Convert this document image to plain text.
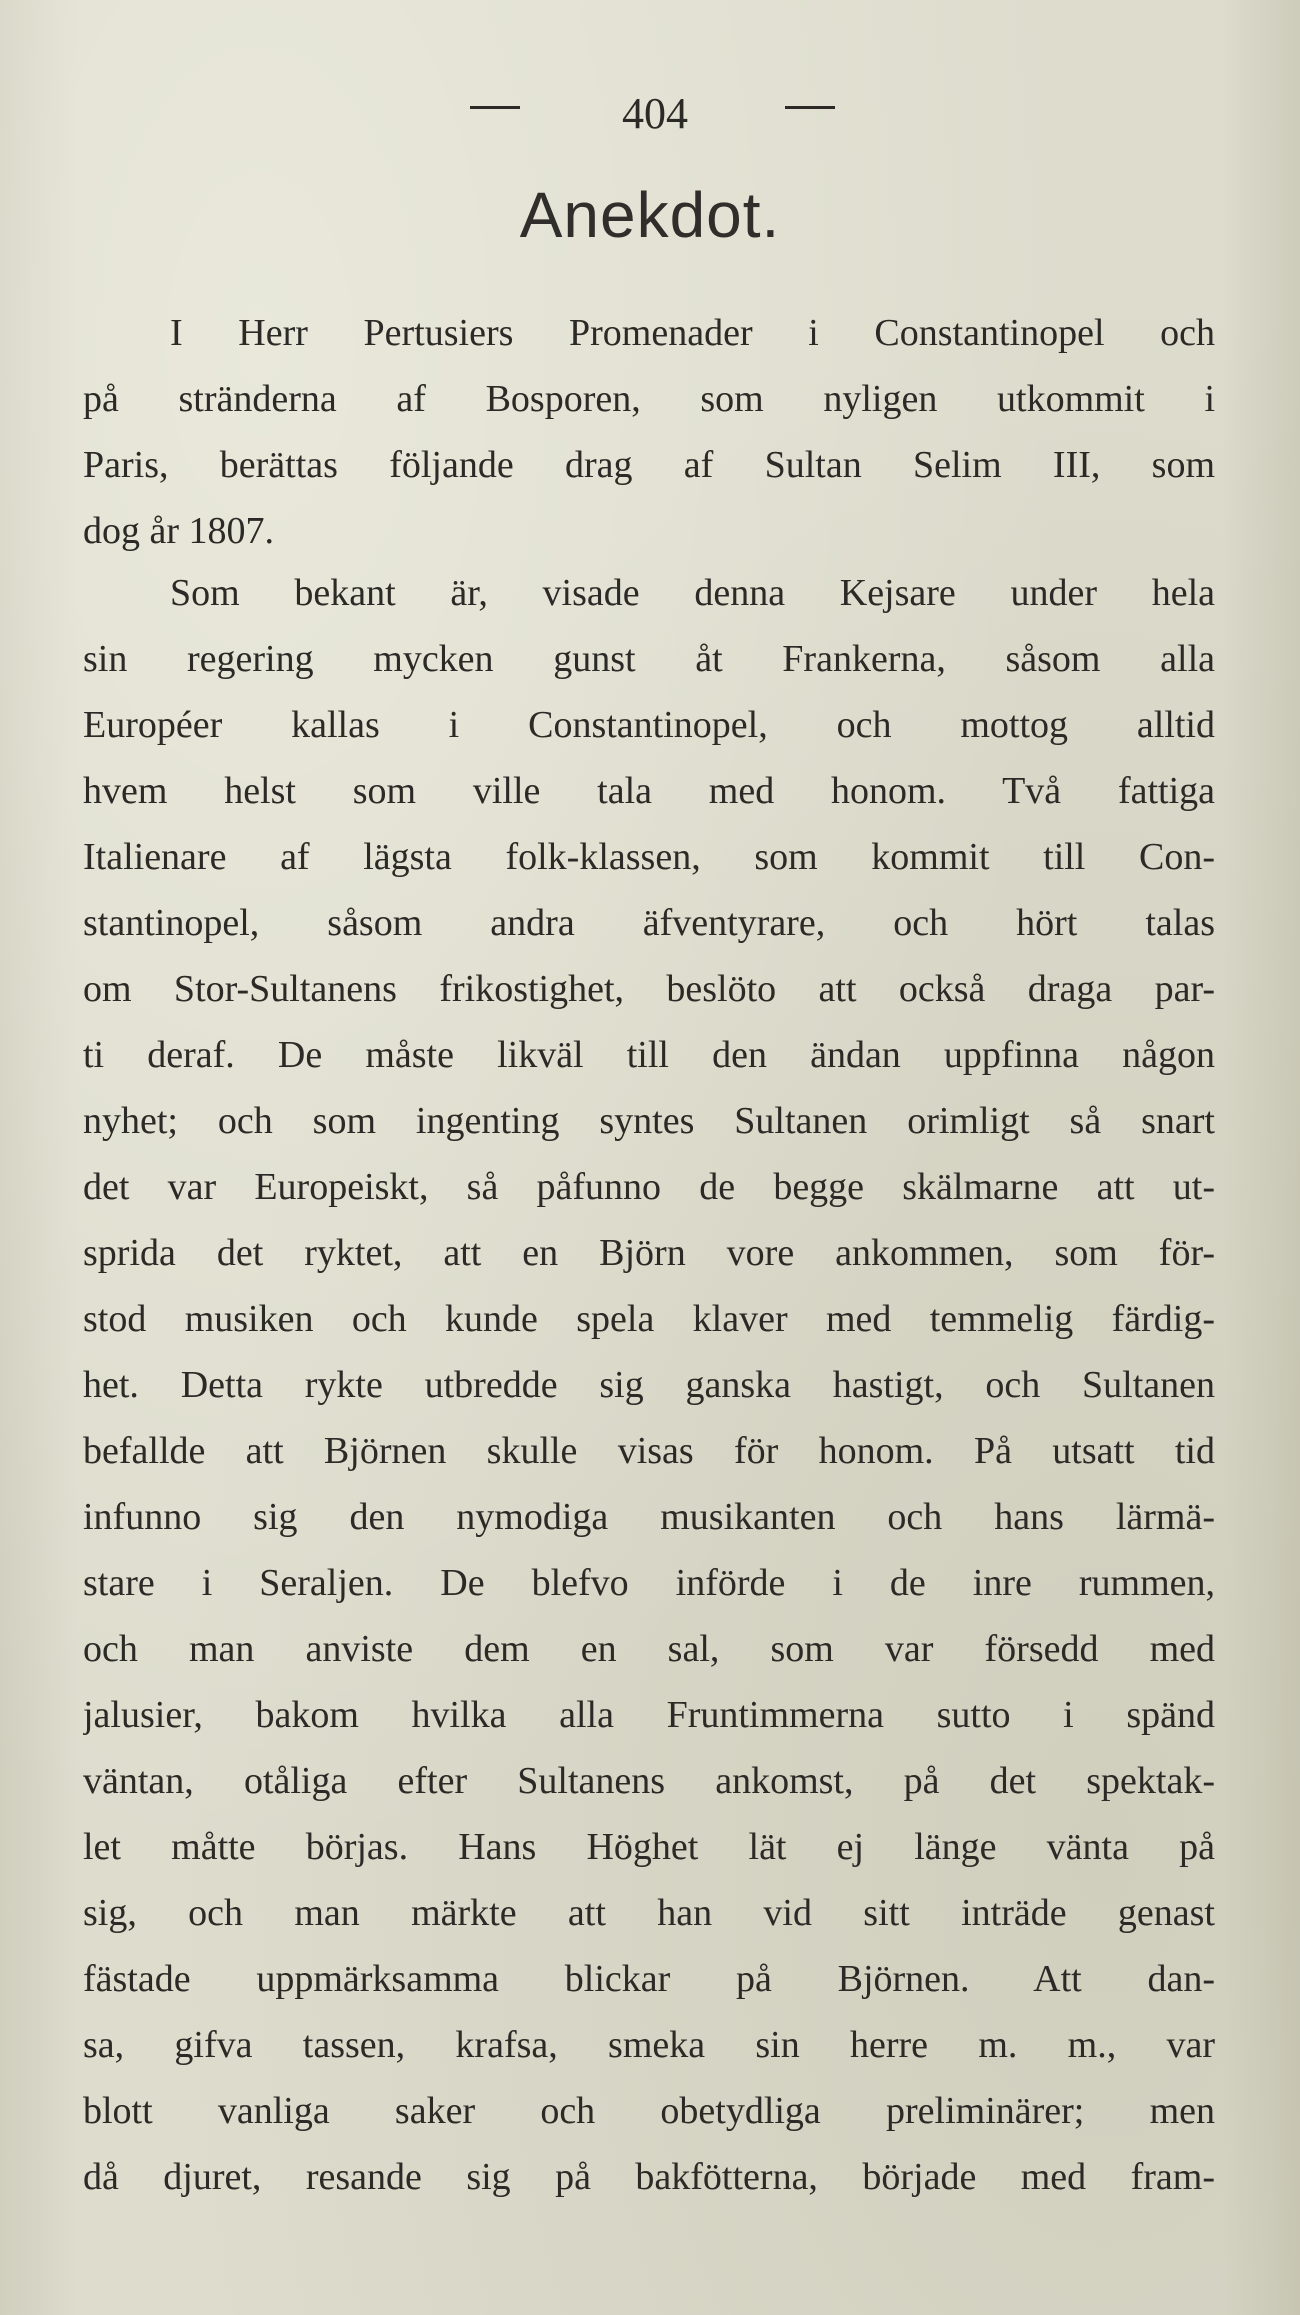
404
Anekdot.
I Herr Pertusiers Promenader i Constantinopel och
på stränderna af Bosporen, som nyligen utkommit i
Paris, berättas följande drag af Sultan Selim III, som
dog år 1807.
Som bekant är, visade denna Kejsare under hela
sin regering mycken gunst åt Frankerna, såsom alla
Européer kallas i Constantinopel, och mottog alltid
hvem helst som ville tala med honom. Två fattiga
Italienare af lägsta folk-klassen, som kommit till Con-
stantinopel, såsom andra äfventyrare, och hört talas
om Stor-Sultanens frikostighet, beslöto att också draga par-
ti deraf. De måste likväl till den ändan uppfinna någon
nyhet; och som ingenting syntes Sultanen orimligt så snart
det var Europeiskt, så påfunno de begge skälmarne att ut-
sprida det ryktet, att en Björn vore ankommen, som för-
stod musiken och kunde spela klaver med temmelig färdig-
het. Detta rykte utbredde sig ganska hastigt, och Sultanen
befallde att Björnen skulle visas för honom. På utsatt tid
infunno sig den nymodiga musikanten och hans lärmä-
stare i Seraljen. De blefvo införde i de inre rummen,
och man anviste dem en sal, som var försedd med
jalusier, bakom hvilka alla Fruntimmerna sutto i spänd
väntan, otåliga efter Sultanens ankomst, på det spektak-
let måtte börjas. Hans Höghet lät ej länge vänta på
sig, och man märkte att han vid sitt inträde genast
fästade uppmärksamma blickar på Björnen. Att dan-
sa, gifva tassen, krafsa, smeka sin herre m. m., var
blott vanliga saker och obetydliga preliminärer; men
då djuret, resande sig på bakfötterna, började med fram-
